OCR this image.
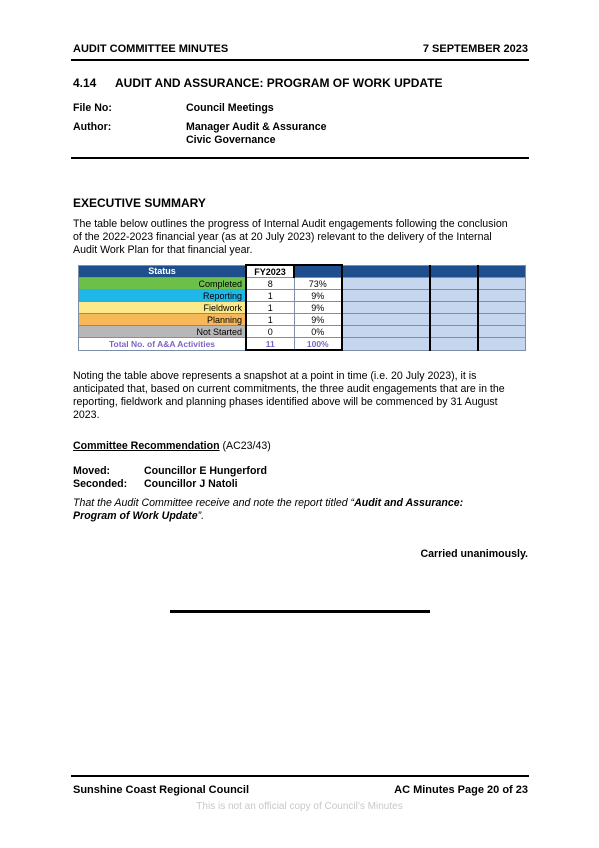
AUDIT COMMITTEE MINUTES	7 SEPTEMBER 2023
4.14 AUDIT AND ASSURANCE: PROGRAM OF WORK UPDATE
File No:	Council Meetings
Author:	Manager Audit & Assurance
Civic Governance
EXECUTIVE SUMMARY
The table below outlines the progress of Internal Audit engagements following the conclusion
of the 2022-2023 financial year (as at 20 July 2023) relevant to the delivery of the Internal
Audit Work Plan for that financial year.
Status	FY2023				
Completed	8	73%			
Reporting	1	9%			
Fieldwork	1	9%			
Planning	1	9%			
Not Started	0	0%			
Total No. of A&A Activities	11	100%			
Noting the table above represents a snapshot at a point in time (i.e. 20 July 2023), it is
anticipated that, based on current commitments, the three audit engagements that are in the
reporting, fieldwork and planning phases identified above will be commenced by 31 August
2023.
Committee Recommendation (AC23/43)
Moved:	Councillor E Hungerford
Seconded: Councillor J Natoli
That the Audit Committee receive and note the report titled “Audit and Assurance:
Program of Work Update”.
Carried unanimously.
Sunshine Coast Regional Council	AC Minutes Page 20 of 23
This is not an official copy of Council’s Minutes
